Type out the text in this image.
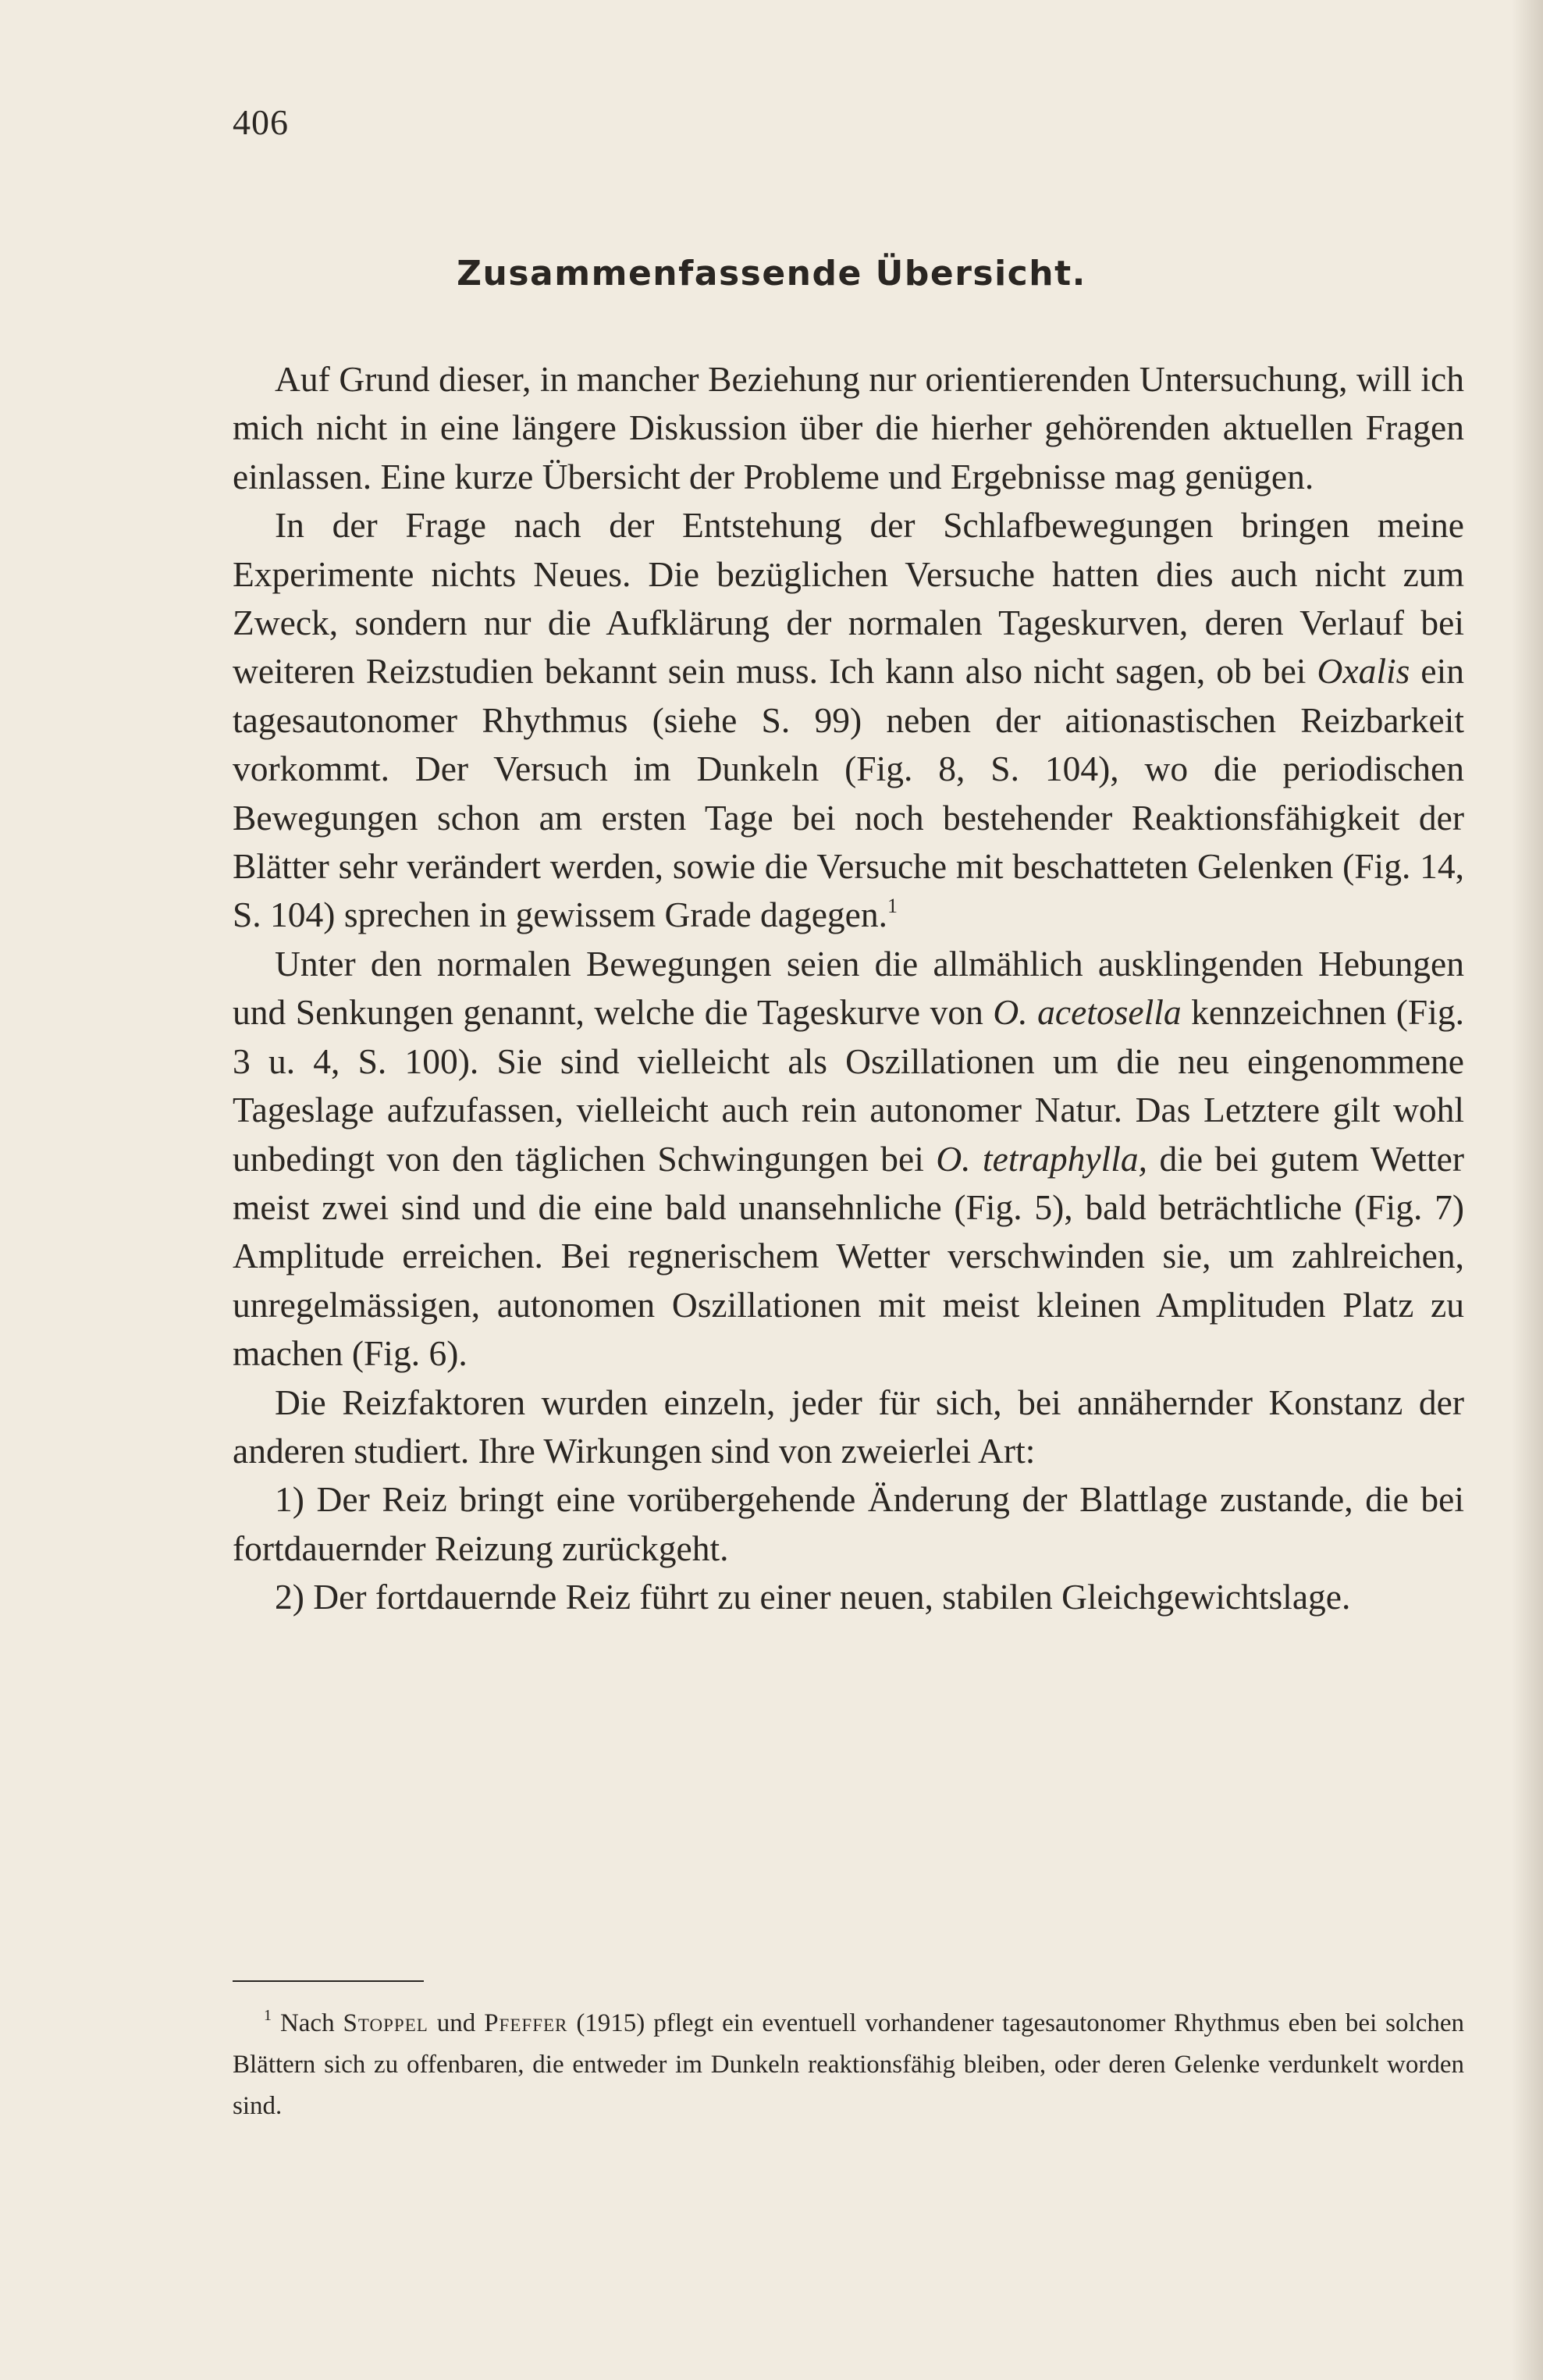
406
Zusammenfassende Übersicht.

Auf Grund dieser, in mancher Beziehung nur orientierenden Untersuchung, will ich mich nicht in eine längere Diskussion über die hierher gehörenden aktuellen Fragen einlassen. Eine kurze Übersicht der Probleme und Ergebnisse mag genügen.

In der Frage nach der Entstehung der Schlafbewegungen bringen meine Experimente nichts Neues. Die bezüglichen Versuche hatten dies auch nicht zum Zweck, sondern nur die Aufklärung der normalen Tageskurven, deren Verlauf bei weiteren Reizstudien bekannt sein muss. Ich kann also nicht sagen, ob bei Oxalis ein tagesautonomer Rhythmus (siehe S. 99) neben der aitionastischen Reizbarkeit vorkommt. Der Versuch im Dunkeln (Fig. 8, S. 104), wo die periodischen Bewegungen schon am ersten Tage bei noch bestehender Reaktionsfähigkeit der Blätter sehr verändert werden, sowie die Versuche mit beschatteten Gelenken (Fig. 14, S. 104) sprechen in gewissem Grade dagegen.$^1$

Unter den normalen Bewegungen seien die allmählich ausklingenden Hebungen und Senkungen genannt, welche die Tageskurve von O. acetosella kennzeichnen (Fig. 3 u. 4, S. 100). Sie sind vielleicht als Oszillationen um die neu eingenommene Tageslage aufzufassen, vielleicht auch rein autonomer Natur. Das Letztere gilt wohl unbedingt von den täglichen Schwingungen bei O. tetraphylla, die bei gutem Wetter meist zwei sind und die eine bald unansehnliche (Fig. 5), bald beträchtliche (Fig. 7) Amplitude erreichen. Bei regnerischem Wetter verschwinden sie, um zahlreichen, unregelmässigen, autonomen Oszillationen mit meist kleinen Amplituden Platz zu machen (Fig. 6).

Die Reizfaktoren wurden einzeln, jeder für sich, bei annähernder Konstanz der anderen studiert. Ihre Wirkungen sind von zweierlei Art:

1) Der Reiz bringt eine vorübergehende Änderung der Blattlage zustande, die bei fortdauernder Reizung zurückgeht.

2) Der fortdauernde Reiz führt zu einer neuen, stabilen Gleichgewichtslage.

$^1$ Nach Stoppel und Pfeffer (1915) pflegt ein eventuell vorhandener tagesautonomer Rhythmus eben bei solchen Blättern sich zu offenbaren, die entweder im Dunkeln reaktionsfähig bleiben, oder deren Gelenke verdunkelt worden sind.
